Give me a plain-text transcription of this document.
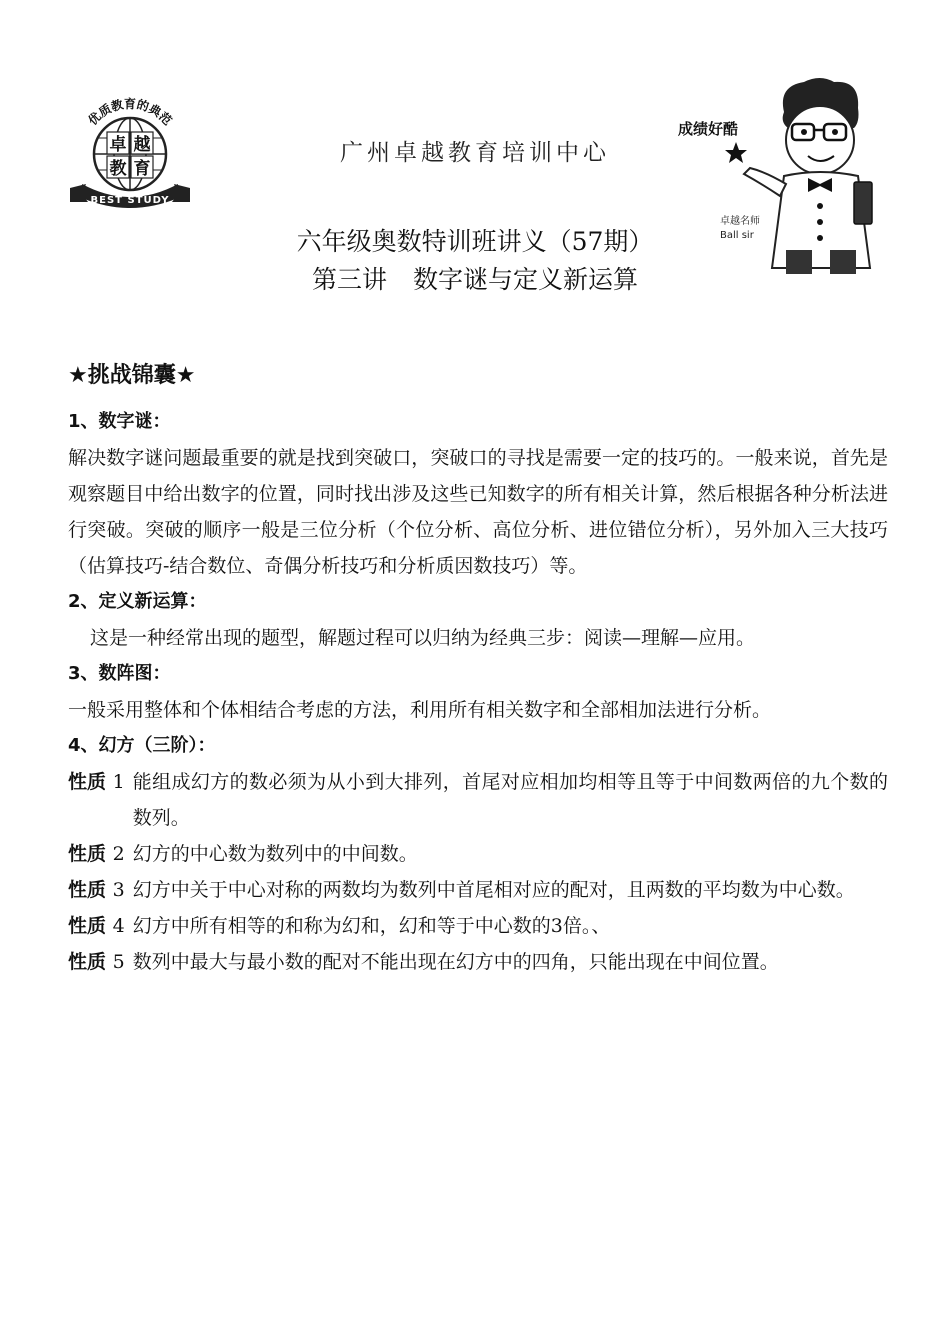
优质教育的典范
卓 越
教 育
BEST STUDY
广州卓越教育培训中心
六年级奥数特训班讲义（57期）
第三讲 数字谜与定义新运算
成绩好酷
卓越名师
Ball sir
★挑战锦囊★
1、数字谜：
解决数字谜问题最重要的就是找到突破口，突破口的寻找是需要一定的技巧的。一般来说，首先是观察题目中给出数字的位置，同时找出涉及这些已知数字的所有相关计算，然后根据各种分析法进行突破。突破的顺序一般是三位分析（个位分析、高位分析、进位错位分析），另外加入三大技巧（估算技巧-结合数位、奇偶分析技巧和分析质因数技巧）等。
2、定义新运算：
这是一种经常出现的题型，解题过程可以归纳为经典三步：阅读—理解—应用。
3、数阵图：
一般采用整体和个体相结合考虑的方法，利用所有相关数字和全部相加法进行分析。
4、幻方（三阶）：
性质 1 能组成幻方的数必须为从小到大排列，首尾对应相加均相等且等于中间数两倍的九个数的数列。
性质 2 幻方的中心数为数列中的中间数。
性质 3 幻方中关于中心对称的两数均为数列中首尾相对应的配对，且两数的平均数为中心数。
性质 4 幻方中所有相等的和称为幻和，幻和等于中心数的3倍。、
性质 5 数列中最大与最小数的配对不能出现在幻方中的四角，只能出现在中间位置。
